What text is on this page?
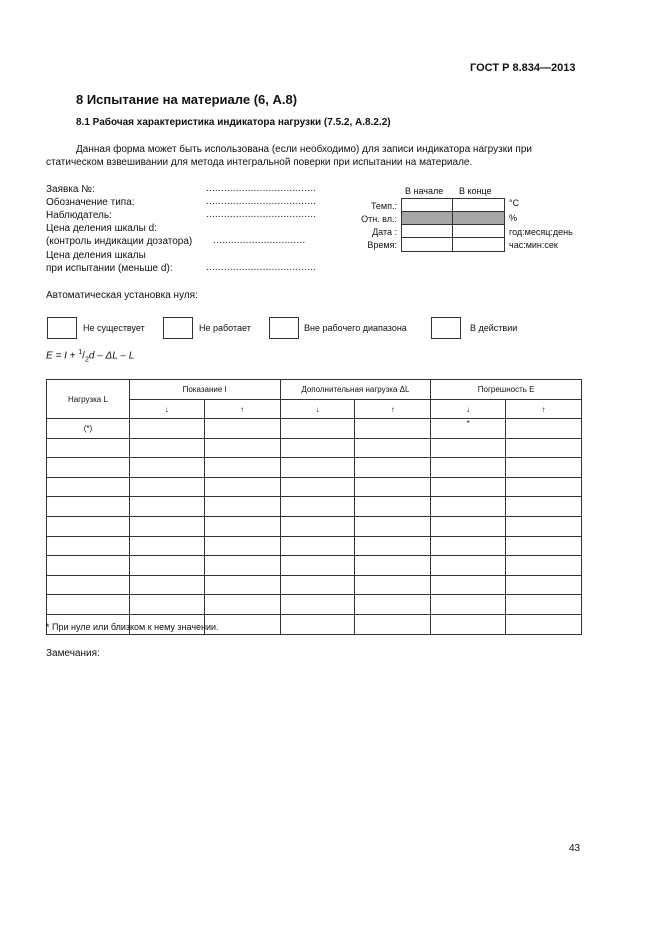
ГОСТ Р 8.834—2013
8 Испытание на материале (6, А.8)
8.1 Рабочая характеристика индикатора нагрузки (7.5.2, А.8.2.2)
Данная форма может быть использована (если необходимо) для записи индикатора нагрузки при статическом взвешивании для метода интегральной поверки при испытании на материале.
Заявка №:	.....................................
Обозначение типа:	.....................................
Наблюдатель:	.....................................
Цена деления шкалы d:
(контроль индикации дозатора) ...............................
Цена деления шкалы
при испытании (меньше d):	.....................................
В начале В конце
Темп.:	°C
Отн. вл.:	%
Дата :	год:месяц:день
Время:	час:мин:сек
Автоматическая установка нуля:
Не существует	Не работает	Вне рабочего диапазона	В действии
$E = I + ^1/_2d - \Delta L - L$
Нагрузка L	Показание I		Дополнительная нагрузка ΔL		Погрешность E	
	↓	↑	↓	↑	↓	↑
(*)					*	

* При нуле или близком к нему значении.
Замечания:
43
